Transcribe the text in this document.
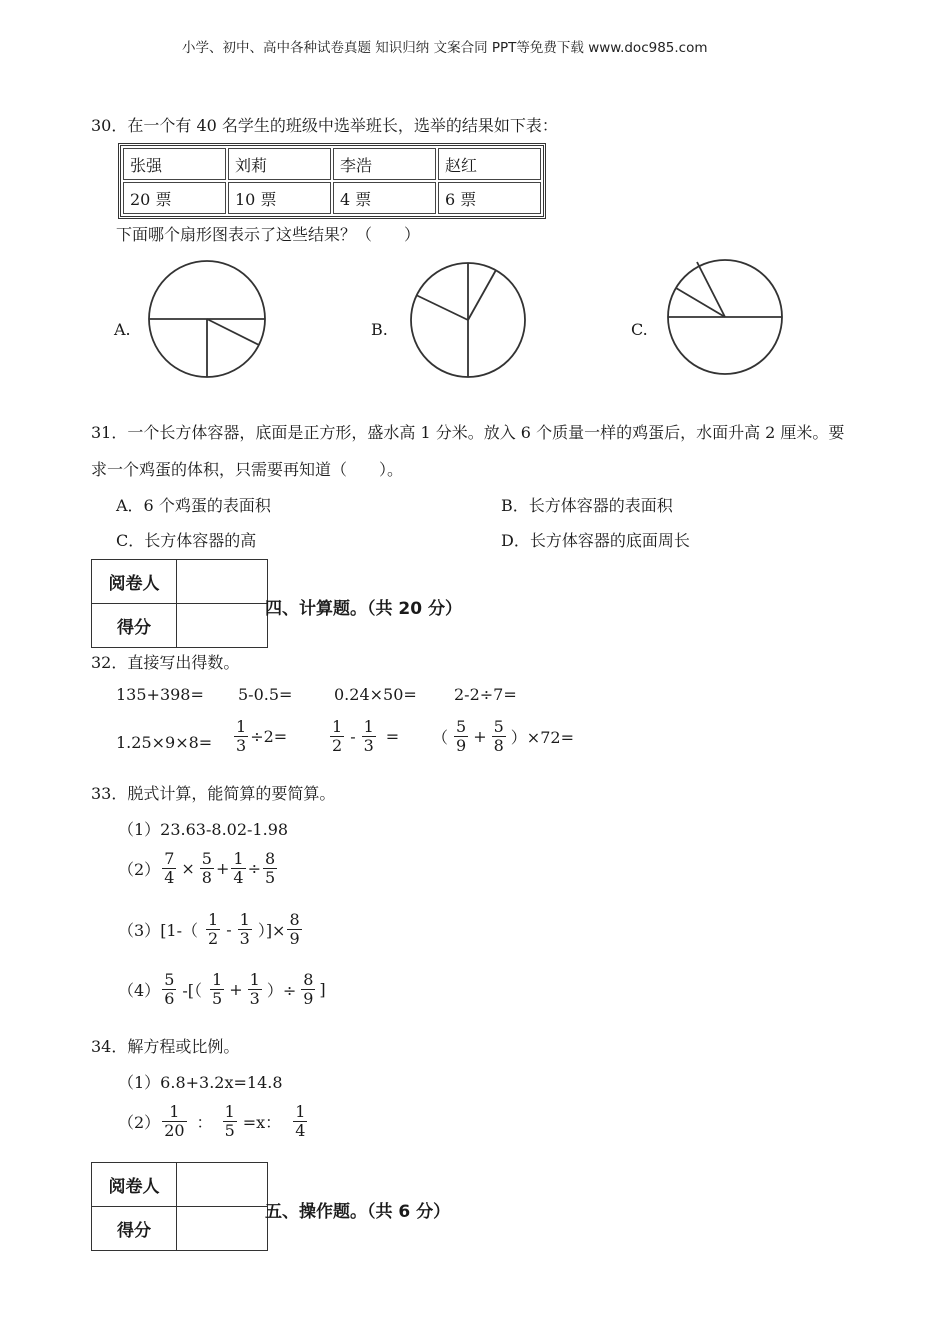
小学、初中、高中各种试卷真题 知识归纳 文案合同 PPT等免费下载 www.doc985.com
30．在一个有 40 名学生的班级中选举班长，选举的结果如下表：
张强	刘莉	李浩	赵红
20 票	10 票	4 票	6 票
下面哪个扇形图表示了这些结果？（　　）
A.	B.	C.
31．一个长方体容器，底面是正方形，盛水高 1 分米。放入 6 个质量一样的鸡蛋后，水面升高 2 厘米。要
求一个鸡蛋的体积，只需要再知道（　　）。
A．6 个鸡蛋的表面积	B．长方体容器的表面积
C．长方体容器的高	D．长方体容器的底面周长
阅卷人	
得分	
四、计算题。（共 20 分）
32．直接写出得数。
135+398= 5-0.5=	0.24×50= 2-2÷7=
$1.25\times 9\times 8= \frac{1}{3} \div 2=$	$\frac{1}{2} - \frac{1}{3}$ = （ $\frac{5}{9} + \frac{5}{8} )\times 72=$
33．脱式计算，能简算的要简算。
（1）23.63-8.02-1.98
$(2) \frac{7}{4} \times \frac{5}{8} + \frac{1}{4} \div \frac{8}{5}$
（3） [$1-( \frac{1}{2} - \frac{1}{3}$ ）]× $\frac{8}{9}$
$(4) \frac{5}{6}$ -[（ $\frac{1}{5} + \frac{1}{3}$ ）÷ $\frac{8}{9}$ ]
34．解方程或比例。
（1）6.8+3.2x=14.8
$(2) \frac{1}{20}$ ： $\frac{1}{5} =x$： $\frac{1}{4}$
阅卷人	
得分	
五、操作题。（共 6 分）
